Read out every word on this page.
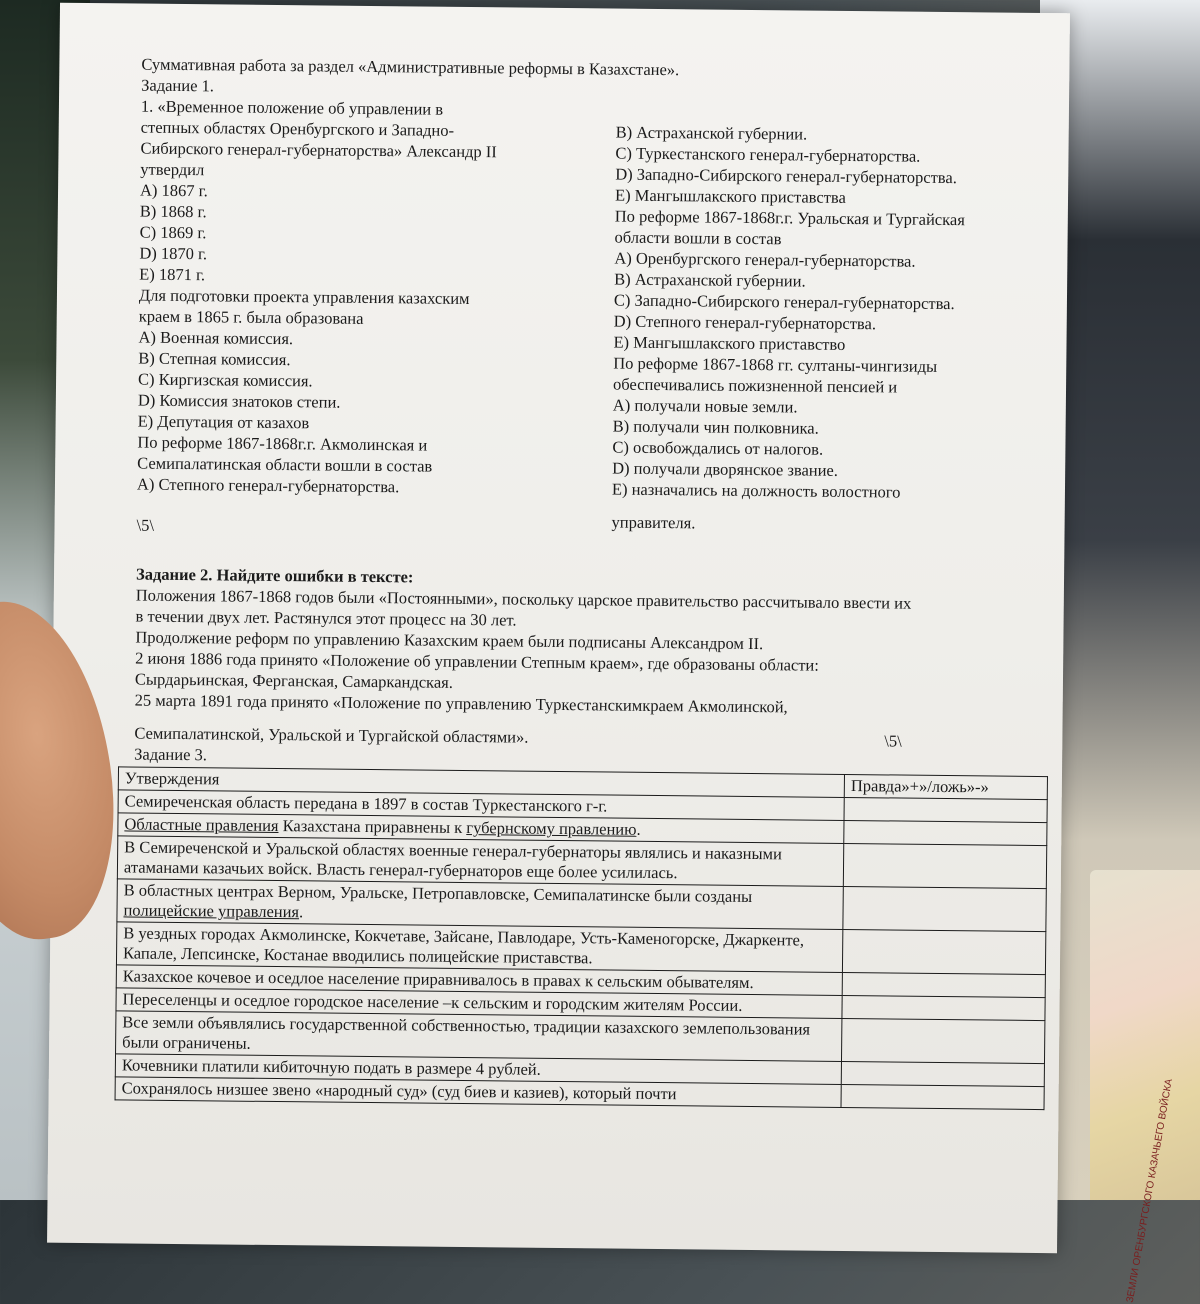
ЗЕМЛИ ОРЕНБУРГСКОГО КАЗАЧЬЕГО ВОЙСКА
Суммативная работа за раздел «Административные реформы в Казахстане».
Задание 1.
1. «Временное положение об управлении в
степных областях Оренбургского и Западно-
Сибирского генерал-губернаторства» Александр II
утвердил
А) 1867 г.
В) 1868 г.
С) 1869 г.
D) 1870 г.
Е) 1871 г.
Для подготовки проекта управления казахским
краем в 1865 г. была образована
А) Военная комиссия.
В) Степная комиссия.
С) Киргизская комиссия.
D) Комиссия знатоков степи.
Е) Депутация от казахов
По реформе 1867-1868г.г. Акмолинская и
Семипалатинская области вошли в состав
А) Степного генерал-губернаторства.
\5\
В) Астраханской губернии.
С) Туркестанского генерал-губернаторства.
D) Западно-Сибирского генерал-губернаторства.
Е) Мангышлакского приставства
По реформе 1867-1868г.г. Уральская и Тургайская
области вошли в состав
А) Оренбургского генерал-губернаторства.
В) Астраханской губернии.
С) Западно-Сибирского генерал-губернаторства.
D) Степного генерал-губернаторства.
Е) Мангышлакского приставство
По реформе 1867-1868 гг. султаны-чингизиды
обеспечивались пожизненной пенсией и
А) получали новые земли.
В) получали чин полковника.
С) освобождались от налогов.
D) получали дворянское звание.
Е) назначались на должность волостного
управителя.
Задание 2. Найдите ошибки в тексте:
Положения 1867-1868 годов были «Постоянными», поскольку царское правительство рассчитывало ввести их
в течении двух лет. Растянулся этот процесс на 30 лет.
Продолжение реформ по управлению Казахским краем были подписаны Александром II.
2 июня 1886 года принято «Положение об управлении Степным краем», где образованы области:
Сырдарьинская, Ферганская, Самаркандская.
25 марта 1891 года принято «Положение по управлению Туркестанскимкраем Акмолинской,
Семипалатинской, Уральской и Тургайской областями».	\5\
Задание 3.
Утверждения	Правда»+»/ложь»-»
Семиреченская область передана в 1897 в состав Туркестанского г-г.	
Областные правления Казахстана приравнены к губернскому правлению.	
В Семиреченской и Уральской областях военные генерал-губернаторы являлись и наказными атаманами казачьих войск. Власть генерал-губернаторов еще более усилилась.	
В областных центрах Верном, Уральске, Петропавловске, Семипалатинске были созданы полицейские управления.	
В уездных городах Акмолинске, Кокчетаве, Зайсане, Павлодаре, Усть-Каменогорске, Джаркенте, Капале, Лепсинске, Костанае вводились полицейские приставства.	
Казахское кочевое и оседлое население приравнивалось в правах к сельским обывателям.	
Переселенцы и оседлое городское население –к сельским и городским жителям России.	
Все земли объявлялись государственной собственностью, традиции казахского землепользования были ограничены.	
Кочевники платили кибиточную подать в размере 4 рублей.	
Сохранялось низшее звено «народный суд» (суд биев и казиев), который почти	
